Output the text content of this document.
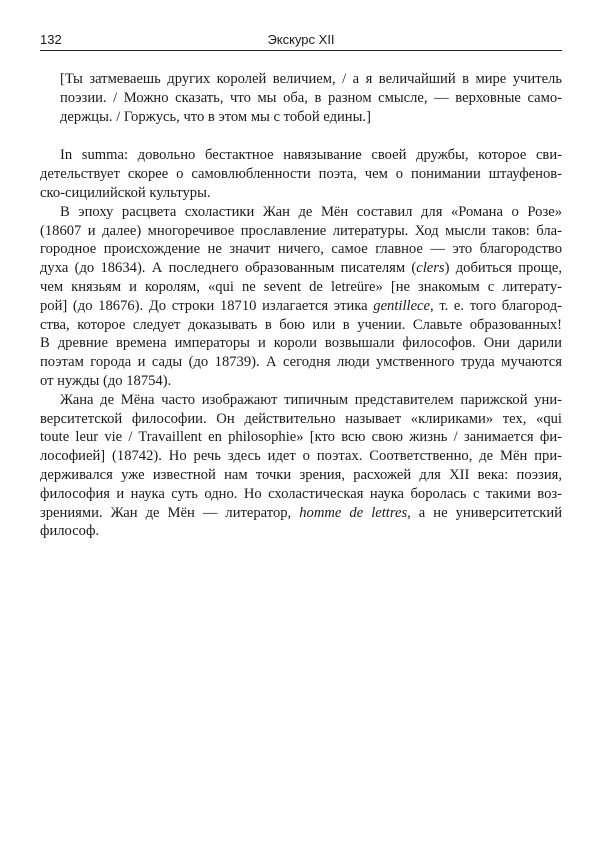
132	Экскурс XII
[Ты затмеваешь других королей величием, / а я величайший в мире учитель
поэзии. / Можно сказать, что мы оба, в разном смысле, — верховные само-
держцы. / Горжусь, что в этом мы с тобой едины.]
In summa: довольно бестактное навязывание своей дружбы, которое сви-
детельствует скорее о самовлюбленности поэта, чем о понимании штауфенов-
ско-сицилийской культуры.
В эпоху расцвета схоластики Жан де Мён составил для «Романа о Розе»
(18607 и далее) многоречивое прославление литературы. Ход мысли таков: бла-
городное происхождение не значит ничего, самое главное — это благородство
духа (до 18634). А последнего образованным писателям (clers) добиться проще,
чем князьям и королям, «qui ne sevent de letreüre» [не знакомым с литерату-
рой] (до 18676). До строки 18710 излагается этика gentillece, т. е. того благород-
ства, которое следует доказывать в бою или в учении. Славьте образованных!
В древние времена императоры и короли возвышали философов. Они дарили
поэтам города и сады (до 18739). А сегодня люди умственного труда мучаются
от нужды (до 18754).
Жана де Мёна часто изображают типичным представителем парижской уни-
верситетской философии. Он действительно называет «клириками» тех, «qui
toute leur vie / Travaillent en philosophie» [кто всю свою жизнь / занимается фи-
лософией] (18742). Но речь здесь идет о поэтах. Соответственно, де Мён при-
держивался уже известной нам точки зрения, расхожей для XII века: поэзия,
философия и наука суть одно. Но схоластическая наука боролась с такими воз-
зрениями. Жан де Мён — литератор, homme de lettres, а не университетский
философ.
